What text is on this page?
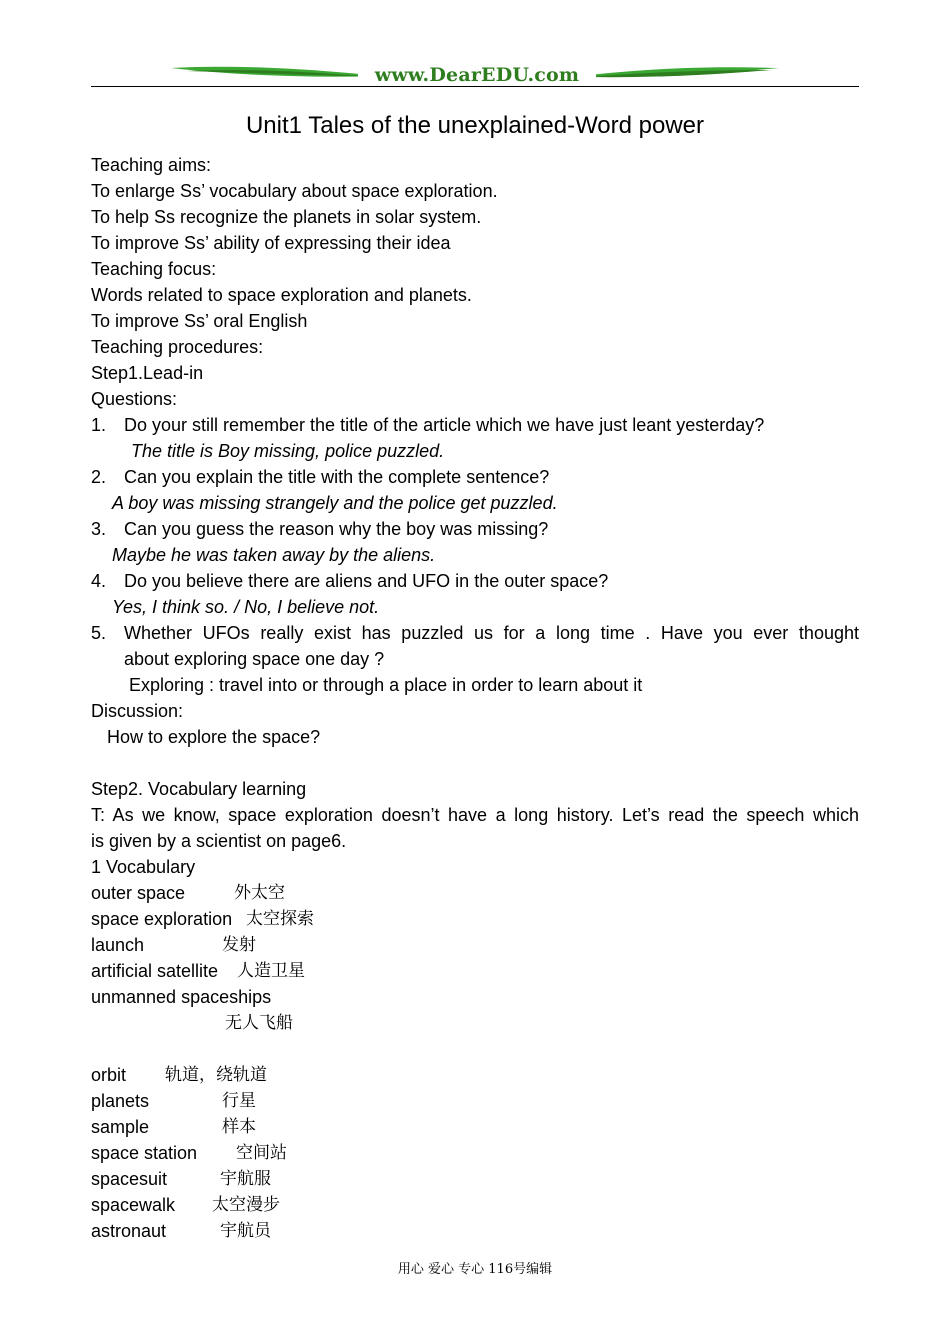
www.DearEDU.com
Unit1 Tales of the unexplained-Word power
Teaching aims:
To enlarge Ss’ vocabulary about space exploration.
To help Ss recognize the planets in solar system.
To improve Ss’ ability of expressing their idea
Teaching focus:
Words related to space exploration and planets.
To improve Ss’ oral English
Teaching procedures:
Step1.Lead-in
Questions:
1. Do your still remember the title of the article which we have just leant yesterday?
The title is Boy missing, police puzzled.
2. Can you explain the title with the complete sentence?
A boy was missing strangely and the police get puzzled.
3. Can you guess the reason why the boy was missing?
Maybe he was taken away by the aliens.
4. Do you believe there are aliens and UFO in the outer space?
Yes, I think so. / No, I believe not.
5. Whether UFOs really exist has puzzled us for a long time . Have you ever thought
about exploring space one day ?
Exploring : travel into or through a place in order to learn about it
Discussion:
How to explore the space?
Step2. Vocabulary learning
T: As we know, space exploration doesn’t have a long history. Let’s read the speech which
is given by a scientist on page6.
1 Vocabulary
outer space	外太空
space exploration 太空探索
launch	发射
artificial satellite 人造卫星
unmanned spaceships
无人飞船
orbit 轨道，绕轨道
planets	行星
sample	样本
space station 空间站
spacesuit	宇航服
spacewalk 太空漫步
astronaut	宇航员
用心 爱心 专心 116号编辑
